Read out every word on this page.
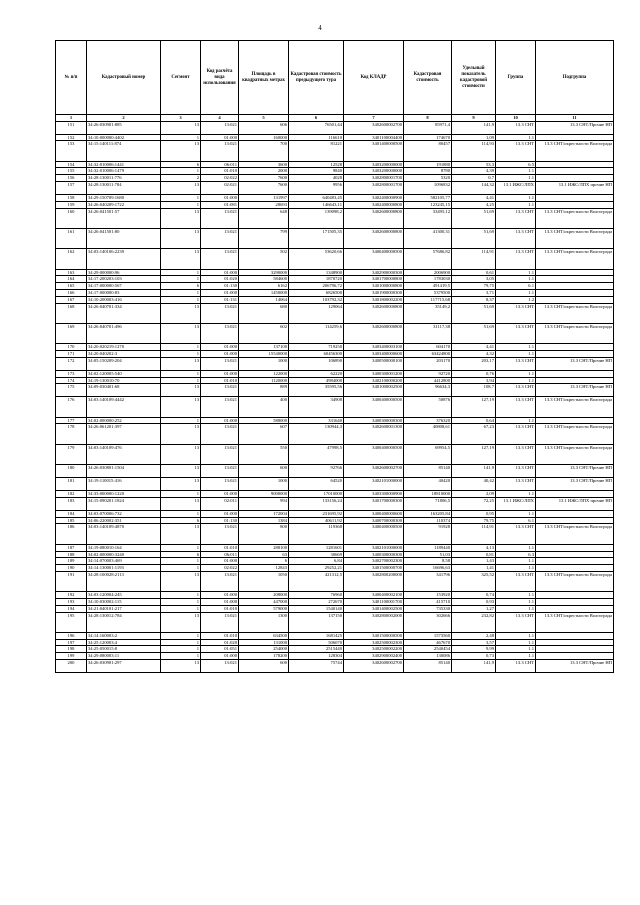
4
№ п/п	Кадастровый номер	Сегмент	Код расчёта вида использования	Площадь в квадратных метрах	Кадастровая стоимость предыдущего тура	Код КЛАДР	Кадастровая стоимость	Удельный показатель кадастровой стоимости	Группа	Подгруппа
1	2	3	4	5	6	7	8	9	10	11
151	34:26:030901:885	13	13:021	606	76501,44	3402600002700	85971,4	141,9	13.3 СНТ	13.3 СНТ/Прочие НП
152	34:10:000000:4402	1	01:000	160000	116610	3401100004400	174670	1,09	1.1	
153	34:15:140111:874	13	13:021	700	81221	3401400000500	80457	114,93	13.3 СНТ	13.3 СНТ/окрестности Волгограда
154	34:32:010006:1441	6	06:011	3600	12528	3403200000000	191880	53,3	6.5	
155	34:32:010006:1479	1	01:010	2000	9840	3403200000000	8780	4,39	1.1	
156	34:28:130011:776	2	02:022	7600	4028	3402800001700	5320	0,7	1.1	
157	34:28:130011:784	13	02:021	7600	9956	3402800001700	1096832	144,32	13.1 ИЖС/ЛПХ	13.1 ИЖС/ЛПХ прочие НП
158	34:29:150709:1680	1	01:000	131997	640483,45	3402400000900	582105,77	4,41	1.1	
159	34:26:040209:1722	1	01:081	28693	146643,11	3402400000800	123245,15	4,25	1.1	
160	34:26:041501:57	13	13:021	648	139098,2	3402600000800	33495,12	51,69	13.3 СНТ	13.3 СНТ/окрестности Волгограда
161	34:26:041501:80	13	13:021	799	171505,35	3402600000800	41300,31	51,69	13.3 СНТ	13.3 СНТ/окрестности Волгограда
162	34:03:140106:2239	13	13:021	502	53620,66	3400400000500	57686,82	114,91	13.3 СНТ	13.3 СНТ/окрестности Волгограда
163	34:29:000000:96	1	01:000	3290000	1348900	3402900000300	2006900	0,61	1.1	
164	34:17:200203:103	1	01:020	584600	1870720	3401700000800	1783030	3,05	1.1	
165	34:17:000000:567	6	01:130	6162	206796,72	3401000000800	491419,5	79,75	6.1	
166	34:17:000000:83	1	01:000	1450000	6826500	3401900000300	5379500	3,71	1.1	
167	34:10:200003:416	1	01:131	14064	103792,32	3401800002200	117715,68	8,37	1.2	
168	34:26:040701:334	13	13:021	680	129064	3402600000800	35149,2	51,69	13.3 СНТ	13.3 СНТ/окрестности Волгограда
169	34:26:040701:496	13	13:021	602	114259,6	3402600000800	31117,38	51,69	13.3 СНТ	13.3 СНТ/окрестности Волгограда
170	34:20:020219:1270	1	01:000	137100	719250	3403400003100	604170	4,41	1.1	
171	34:20:040202:3	1	01:000	15540000	60456300	3403400000600	63424800	4,32	1.1	
172	34:05:150209:204	13	13:021	1000	106890	3400500000100	203170	203,17	13.3 СНТ	13.3 СНТ/Прочие НП
173	34:02:120005:540	1	01:000	122000	62220	3400300001200	92720	0,76	1.1	
174	34:19:130010:70	1	01:010	1120000	4984000	3402100000200	4412800	3,94	1.1	
175	34:09:030401:68	13	13:021	889	35595,56	3401000002500	96634,3	108,7	13.3 СНТ	13.3 СНТ/Прочие НП
176	34:03:140109:4442	13	13:021	400	34908	3400400000500	50876	127,19	13.3 СНТ	13.3 СНТ/окрестности Волгограда
177	34:02:000000:252	1	01:000	588000	331640	3400300000300	376320	0,64	1.1	
178	34:26:061201:397	13	13:021	607	130944,3	3402600001300	40808,61	67,23	13.3 СНТ	13.3 СНТ/окрестности Волгограда
179	34:03:140109:476	13	13:021	550	47998,5	3400400000500	69954,5	127,19	13.3 СНТ	13.3 СНТ/окрестности Волгограда
180	34:26:030801:1504	13	13:021	600	92766	3402600002700	85140	141,9	13.3 СНТ	13.3 СНТ/Прочие НП
181	34:19:110015:416	13	13:021	1000	64520	3402101000000	40420	40,42	13.3 СНТ	13.3 СНТ/Прочие НП
182	34:33:000000:1220	1	01:000	9000000	17010000	3403300000900	18810000	2,09	1.1	
183	34:15:090201:1824	13	02:011	994	133156,24	3401700000300	71806,5	72,25	13.1 ИЖС/ЛПХ	13.1 ИЖС/ЛПХ прочие НП
184	34:03:070006:732	1	01:000	172004	231695,92	3400400000600	163205,84	0,95	1.1	
185	34:06:220002:351	6	01:130	1384	40611,92	3400700000300	110374	79,75	6.1	
186	34:03:140109:4870	13	13:021	800	119368	3400400000500	91928	114,91	13.3 СНТ	13.3 СНТ/окрестности Волгограда
187	34:19:080010:164	1	01:010	288100	1281601	3402101000000	1189440	4,13	1.1	
188	34:02:000000:3240	6	06:011	63	30669	3400300000300	51,03	0,81	6.3	
189	34:14:070003:469	1	01:000	6	6,84	3402700002300	8,58	1,43	1.1	
190	34:14:130001:1193	1	02:022	12843	29252,21	3401500000700	16696,63	1,41	1.1	
191	34:28:100028:2113	13	13:021	1050	421312,5	3402800200000	341796	325,52	13.3 СНТ	13.3 СНТ/окрестности Волгограда
192	34:03:120004:245	1	01:000	208000	76960	3400400002100	153920	0,74	1.1	
193	34:10:030002:115	1	01:000	447000	272670	3401100001700	415710	0,93	1.1	
194	34:21:040101:217	1	01:010	579000	1540140	3401400002500	735330	1,27	1.1	
195	34:28:130012:784	13	13:021	1300	137150	3402800002000	302666	232,82	13.3 СНТ	13.3 СНТ/окрестности Волгограда
196	34:14:160003:2	1	01:010	634500	1681425	3401500000500	1573560	2,48	1.1	
197	34:25:120003:4	1	01:020	131000	506070	3402500002300	467670	3,57	1.1	
198	34:25:050015:8	1	01:051	254000	2515440	3402500002200	2540454	9,99	1.1	
199	34:29:080003:11	1	01:000	178200	128304	3402900002400	130086	0,73	1.1	
200	34:26:030901:297	13	13:021	600	75744	3402600002700	85140	141,9	13.3 СНТ	13.3 СНТ/Прочие НП
